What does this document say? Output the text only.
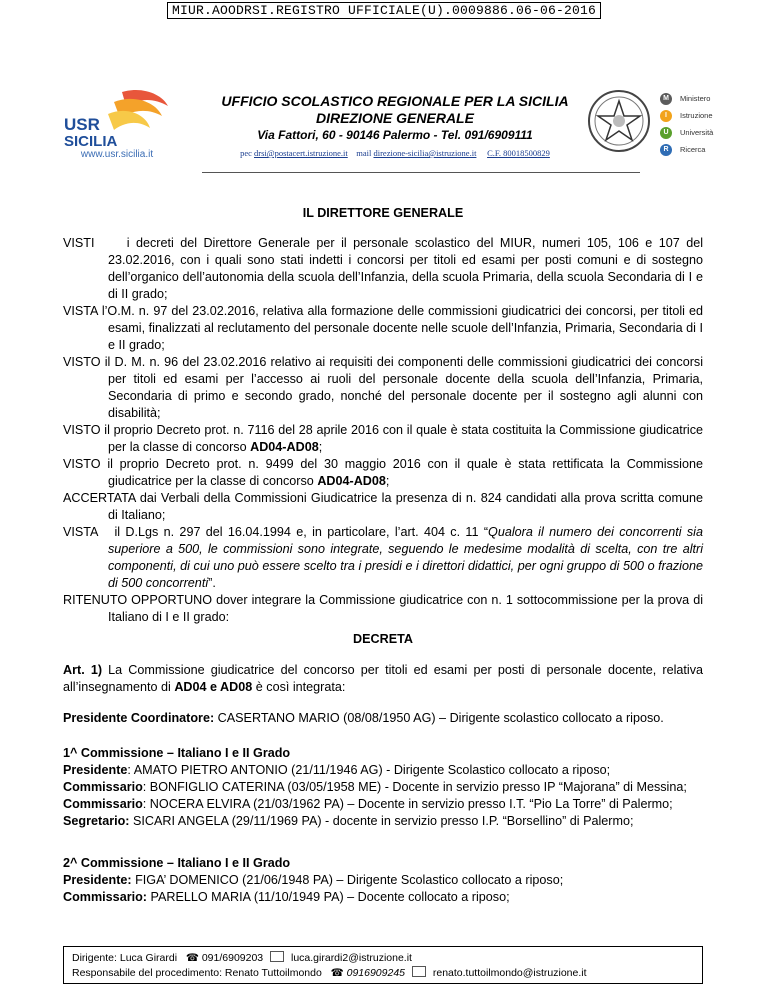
MIUR.AOODRSI.REGISTRO UFFICIALE(U).0009886.06-06-2016
USR
SICILIA
www.usr.sicilia.it
UFFICIO SCOLASTICO REGIONALE PER LA SICILIA
DIREZIONE GENERALE
Via Fattori, 60 - 90146 Palermo - Tel. 091/6909111
pec drsi@postacert.istruzione.it mail direzione-sicilia@istruzione.it C.F. 80018500829
M	Ministero
I	Istruzione
U	Università
R	Ricerca
IL DIRETTORE GENERALE
VISTI	i decreti del Direttore Generale per il personale scolastico del MIUR, numeri 105, 106 e 107 del 23.02.2016, con i quali sono stati indetti i concorsi per titoli ed esami per posti comuni e di sostegno dell’organico dell’autonomia della scuola dell’Infanzia, della scuola Primaria, della scuola Secondaria di I e di II grado;
VISTA l’O.M. n. 97 del 23.02.2016, relativa alla formazione delle commissioni giudicatrici dei concorsi, per titoli ed esami, finalizzati al reclutamento del personale docente nelle scuole dell’Infanzia, Primaria, Secondaria di I e II grado;
VISTO il D. M. n. 96 del 23.02.2016 relativo ai requisiti dei componenti delle commissioni giudicatrici dei concorsi per titoli ed esami per l’accesso ai ruoli del personale docente della scuola dell’Infanzia, Primaria, Secondaria di primo e secondo grado, nonché del personale docente per il sostegno agli alunni con disabilità;
VISTO il proprio Decreto prot. n. 7116 del 28 aprile 2016 con il quale è stata costituita la Commissione giudicatrice per la classe di concorso AD04-AD08;
VISTO il proprio Decreto prot. n. 9499 del 30 maggio 2016 con il quale è stata rettificata la Commissione giudicatrice per la classe di concorso AD04-AD08;
ACCERTATA dai Verbali della Commissioni Giudicatrice la presenza di n. 824 candidati alla prova scritta comune di Italiano;
VISTA il D.Lgs n. 297 del 16.04.1994 e, in particolare, l’art. 404 c. 11 “Qualora il numero dei concorrenti sia superiore a 500, le commissioni sono integrate, seguendo le medesime modalità di scelta, con tre altri componenti, di cui uno può essere scelto tra i presidi e i direttori didattici, per ogni gruppo di 500 o frazione di 500 concorrenti”.
RITENUTO OPPORTUNO dover integrare la Commissione giudicatrice con n. 1 sottocommissione per la prova di Italiano di I e II grado:
DECRETA
Art. 1) La Commissione giudicatrice del concorso per titoli ed esami per posti di personale docente, relativa all’insegnamento di AD04 e AD08 è così integrata:
Presidente Coordinatore: CASERTANO MARIO (08/08/1950 AG) – Dirigente scolastico collocato a riposo.
1^ Commissione – Italiano I e II Grado
Presidente: AMATO PIETRO ANTONIO (21/11/1946 AG) - Dirigente Scolastico collocato a riposo;
Commissario: BONFIGLIO CATERINA (03/05/1958 ME) - Docente in servizio presso IP “Majorana” di Messina;
Commissario: NOCERA ELVIRA (21/03/1962 PA) – Docente in servizio presso I.T. “Pio La Torre” di Palermo;
Segretario: SICARI ANGELA (29/11/1969 PA) - docente in servizio presso I.P. “Borsellino” di Palermo;
2^ Commissione – Italiano I e II Grado
Presidente: FIGA’ DOMENICO (21/06/1948 PA) – Dirigente Scolastico collocato a riposo;
Commissario: PARELLO MARIA (11/10/1949 PA) – Docente collocato a riposo;
Dirigente: Luca Girardi ☎ 091/6909203	luca.girardi2@istruzione.it
Responsabile del procedimento: Renato Tuttoilmondo ☎ 0916909245	renato.tuttoilmondo@istruzione.it
